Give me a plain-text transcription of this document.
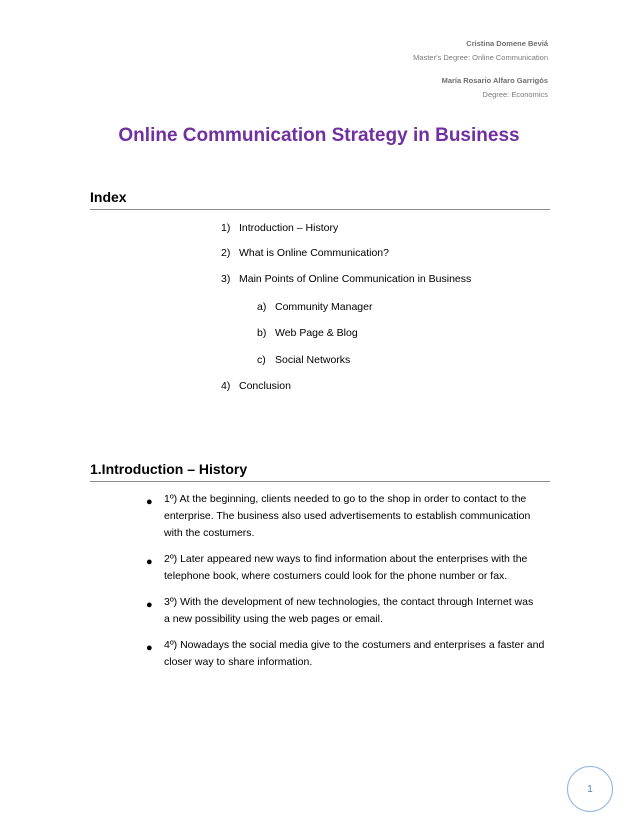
Cristina Domene Beviá
Master's Degree: Online Communication
María Rosario Alfaro Garrigós
Degree: Economics
Online Communication Strategy in Business
Index
1) Introduction – History
2) What is Online Communication?
3) Main Points of Online Communication in Business
a) Community Manager
b) Web Page & Blog
c) Social Networks
4) Conclusion
1.Introduction – History
● 1º) At the beginning, clients needed to go to the shop in order to contact to the
enterprise. The business also used advertisements to establish communication
with the costumers.
● 2º) Later appeared new ways to find information about the enterprises with the
telephone book, where costumers could look for the phone number or fax.
● 3º) With the development of new technologies, the contact through Internet was
a new possibility using the web pages or email.
● 4º) Nowadays the social media give to the costumers and enterprises a faster and
closer way to share information.
1
